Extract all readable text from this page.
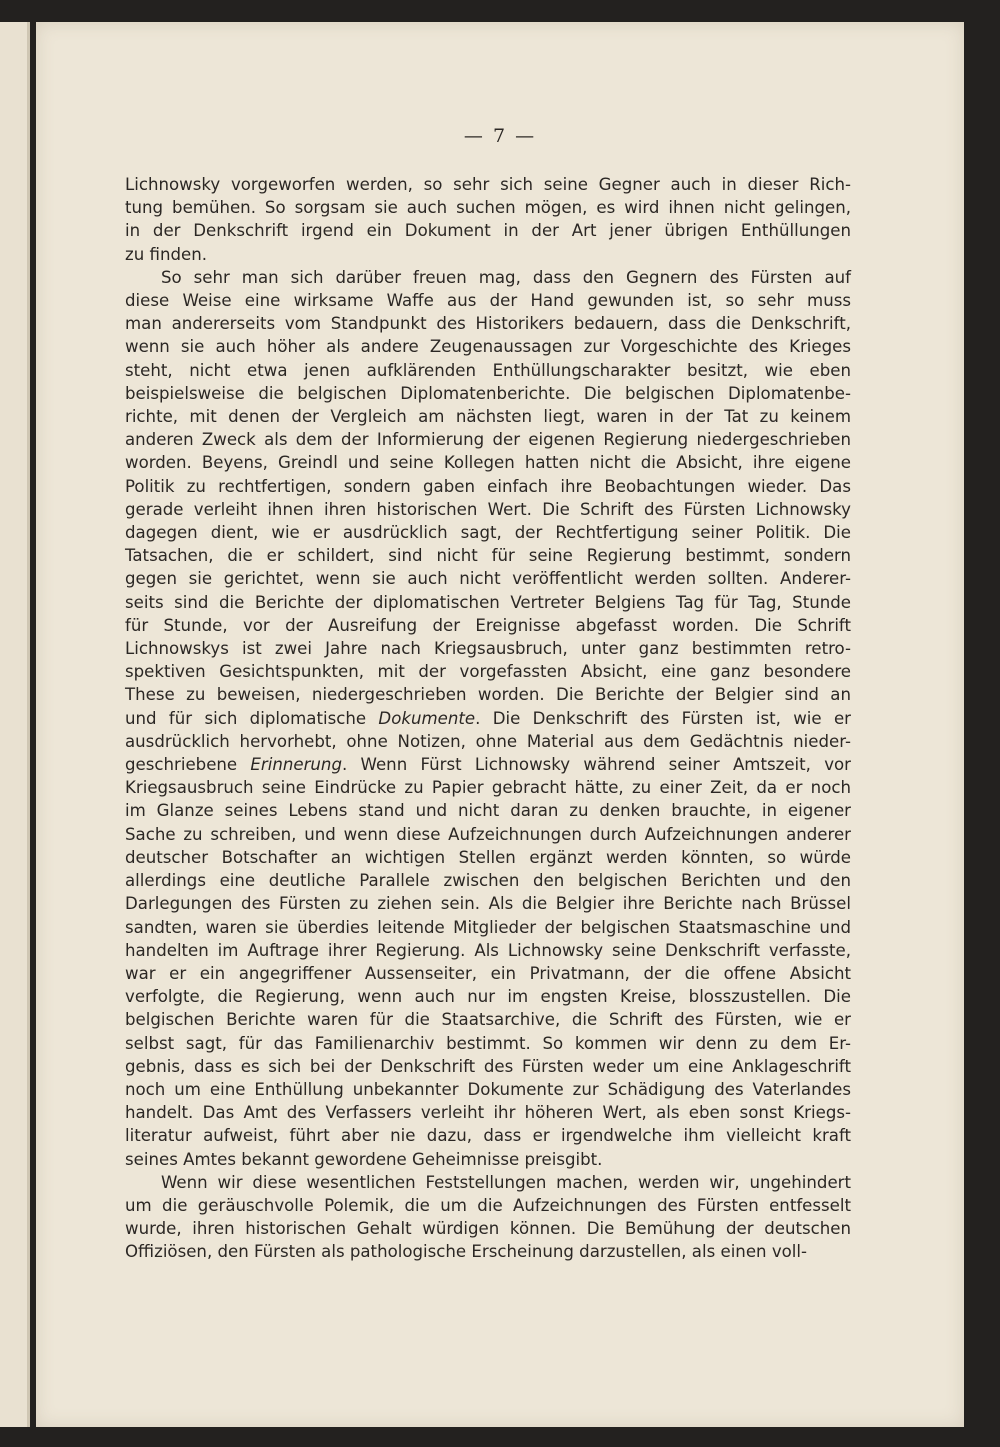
— 7 —
Lichnowsky vorgeworfen werden, so sehr sich seine Gegner auch in dieser Rich-
tung bemühen. So sorgsam sie auch suchen mögen, es wird ihnen nicht gelingen,
in der Denkschrift irgend ein Dokument in der Art jener übrigen Enthüllungen
zu finden.
So sehr man sich darüber freuen mag, dass den Gegnern des Fürsten auf
diese Weise eine wirksame Waffe aus der Hand gewunden ist, so sehr muss
man andererseits vom Standpunkt des Historikers bedauern, dass die Denkschrift,
wenn sie auch höher als andere Zeugenaussagen zur Vorgeschichte des Krieges
steht, nicht etwa jenen aufklärenden Enthüllungscharakter besitzt, wie eben
beispielsweise die belgischen Diplomatenberichte. Die belgischen Diplomatenbe-
richte, mit denen der Vergleich am nächsten liegt, waren in der Tat zu keinem
anderen Zweck als dem der Informierung der eigenen Regierung niedergeschrieben
worden. Beyens, Greindl und seine Kollegen hatten nicht die Absicht, ihre eigene
Politik zu rechtfertigen, sondern gaben einfach ihre Beobachtungen wieder. Das
gerade verleiht ihnen ihren historischen Wert. Die Schrift des Fürsten Lichnowsky
dagegen dient, wie er ausdrücklich sagt, der Rechtfertigung seiner Politik. Die
Tatsachen, die er schildert, sind nicht für seine Regierung bestimmt, sondern
gegen sie gerichtet, wenn sie auch nicht veröffentlicht werden sollten. Anderer-
seits sind die Berichte der diplomatischen Vertreter Belgiens Tag für Tag, Stunde
für Stunde, vor der Ausreifung der Ereignisse abgefasst worden. Die Schrift
Lichnowskys ist zwei Jahre nach Kriegsausbruch, unter ganz bestimmten retro-
spektiven Gesichtspunkten, mit der vorgefassten Absicht, eine ganz besondere
These zu beweisen, niedergeschrieben worden. Die Berichte der Belgier sind an
und für sich diplomatische Dokumente. Die Denkschrift des Fürsten ist, wie er
ausdrücklich hervorhebt, ohne Notizen, ohne Material aus dem Gedächtnis nieder-
geschriebene Erinnerung. Wenn Fürst Lichnowsky während seiner Amtszeit, vor
Kriegsausbruch seine Eindrücke zu Papier gebracht hätte, zu einer Zeit, da er noch
im Glanze seines Lebens stand und nicht daran zu denken brauchte, in eigener
Sache zu schreiben, und wenn diese Aufzeichnungen durch Aufzeichnungen anderer
deutscher Botschafter an wichtigen Stellen ergänzt werden könnten, so würde
allerdings eine deutliche Parallele zwischen den belgischen Berichten und den
Darlegungen des Fürsten zu ziehen sein. Als die Belgier ihre Berichte nach Brüssel
sandten, waren sie überdies leitende Mitglieder der belgischen Staatsmaschine und
handelten im Auftrage ihrer Regierung. Als Lichnowsky seine Denkschrift verfasste,
war er ein angegriffener Aussenseiter, ein Privatmann, der die offene Absicht
verfolgte, die Regierung, wenn auch nur im engsten Kreise, blosszustellen. Die
belgischen Berichte waren für die Staatsarchive, die Schrift des Fürsten, wie er
selbst sagt, für das Familienarchiv bestimmt. So kommen wir denn zu dem Er-
gebnis, dass es sich bei der Denkschrift des Fürsten weder um eine Anklageschrift
noch um eine Enthüllung unbekannter Dokumente zur Schädigung des Vaterlandes
handelt. Das Amt des Verfassers verleiht ihr höheren Wert, als eben sonst Kriegs-
literatur aufweist, führt aber nie dazu, dass er irgendwelche ihm vielleicht kraft
seines Amtes bekannt gewordene Geheimnisse preisgibt.
Wenn wir diese wesentlichen Feststellungen machen, werden wir, ungehindert
um die geräuschvolle Polemik, die um die Aufzeichnungen des Fürsten entfesselt
wurde, ihren historischen Gehalt würdigen können. Die Bemühung der deutschen
Offiziösen, den Fürsten als pathologische Erscheinung darzustellen, als einen voll-
